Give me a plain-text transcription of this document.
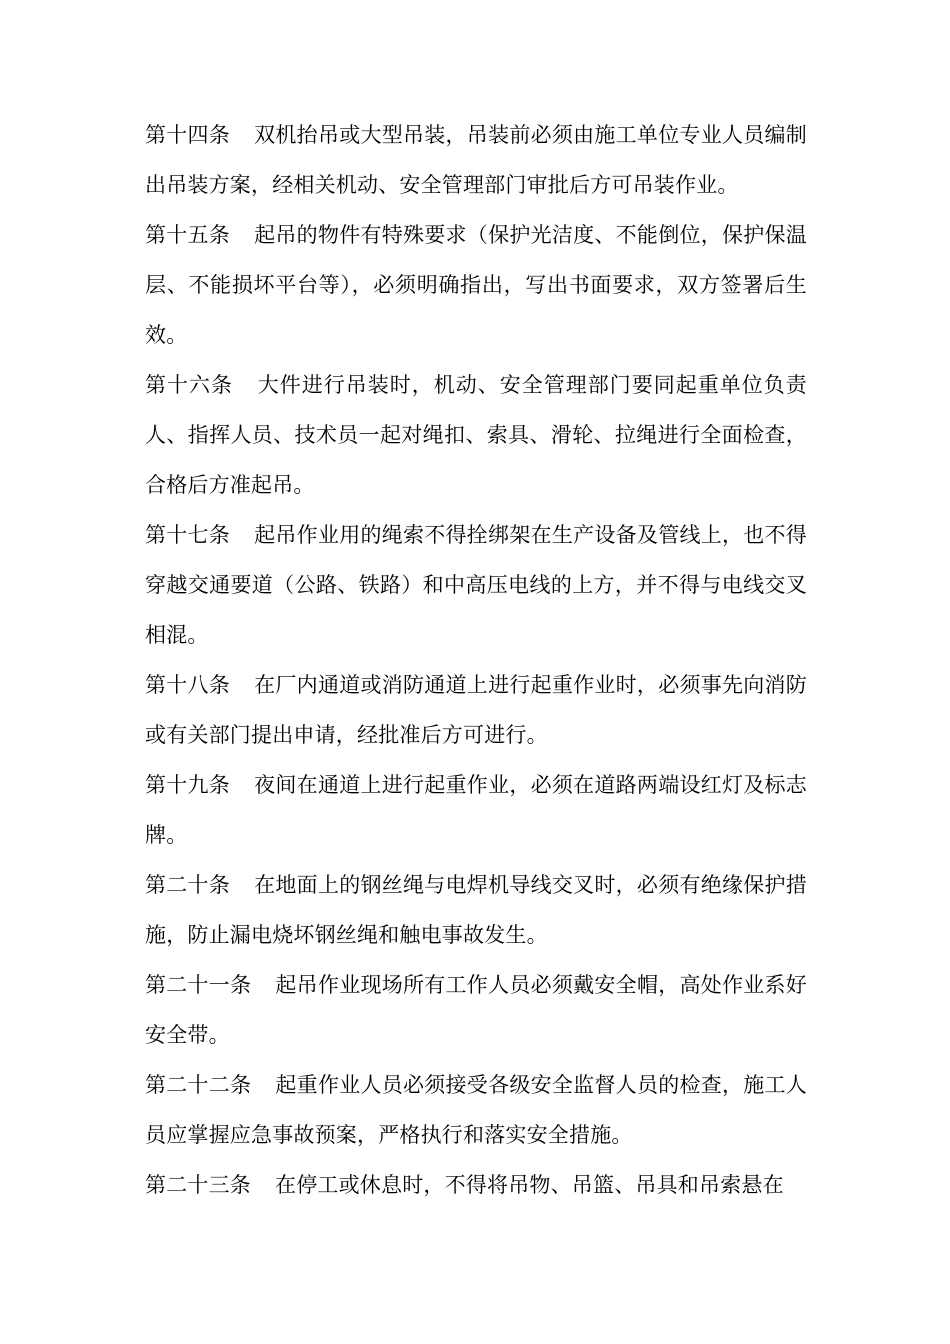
第十四条 双机抬吊或大型吊装，吊装前必须由施工单位专业人员编制出吊装方案，经相关机动、安全管理部门审批后方可吊装作业。

第十五条 起吊的物件有特殊要求（保护光洁度、不能倒位，保护保温层、不能损坏平台等），必须明确指出，写出书面要求，双方签署后生效。

第十六条 大件进行吊装时，机动、安全管理部门要同起重单位负责人、指挥人员、技术员一起对绳扣、索具、滑轮、拉绳进行全面检查，合格后方准起吊。

第十七条 起吊作业用的绳索不得拴绑架在生产设备及管线上，也不得穿越交通要道（公路、铁路）和中高压电线的上方，并不得与电线交叉相混。

第十八条 在厂内通道或消防通道上进行起重作业时，必须事先向消防或有关部门提出申请，经批准后方可进行。

第十九条 夜间在通道上进行起重作业，必须在道路两端设红灯及标志牌。

第二十条 在地面上的钢丝绳与电焊机导线交叉时，必须有绝缘保护措施，防止漏电烧坏钢丝绳和触电事故发生。

第二十一条 起吊作业现场所有工作人员必须戴安全帽，高处作业系好安全带。

第二十二条 起重作业人员必须接受各级安全监督人员的检查，施工人员应掌握应急事故预案，严格执行和落实安全措施。

第二十三条 在停工或休息时，不得将吊物、吊篮、吊具和吊索悬在
